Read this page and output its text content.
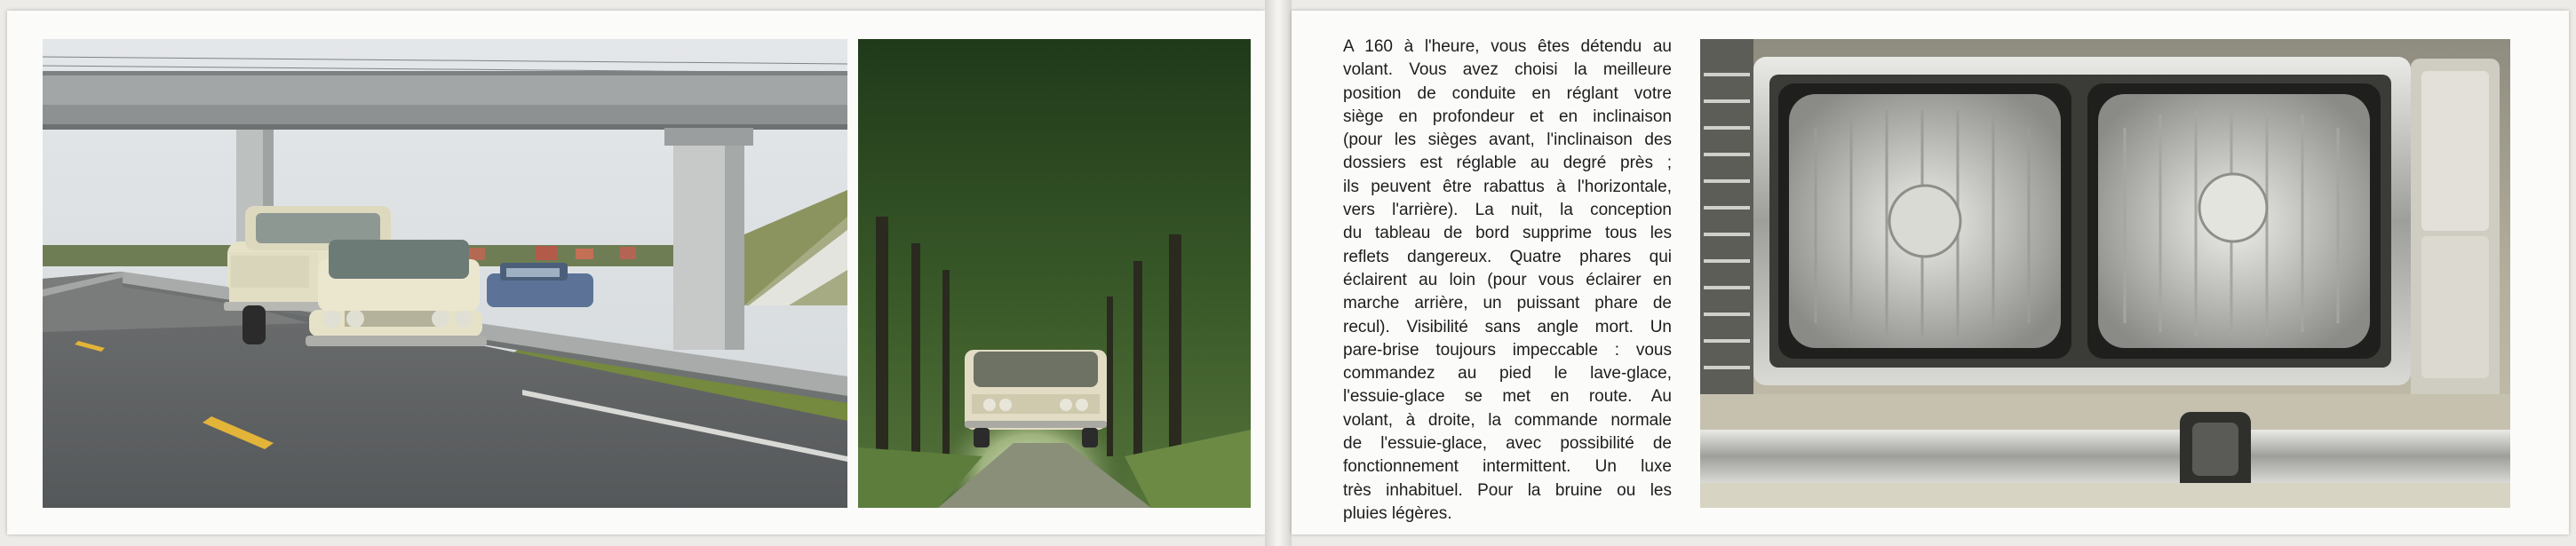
A 160 à l'heure, vous êtes détendu au
volant. Vous avez choisi la meilleure
position de conduite en réglant votre
siège en profondeur et en inclinaison
(pour les sièges avant, l'inclinaison des
dossiers est réglable au degré près ;
ils peuvent être rabattus à l'horizontale,
vers l'arrière). La nuit, la conception
du tableau de bord supprime tous les
reflets dangereux. Quatre phares qui
éclairent au loin (pour vous éclairer en
marche arrière, un puissant phare de
recul). Visibilité sans angle mort. Un
pare-brise toujours impeccable : vous
commandez au pied le lave-glace,
l'essuie-glace se met en route. Au
volant, à droite, la commande normale
de l'essuie-glace, avec possibilité de
fonctionnement intermittent. Un luxe
très inhabituel. Pour la bruine ou les
pluies légères.
